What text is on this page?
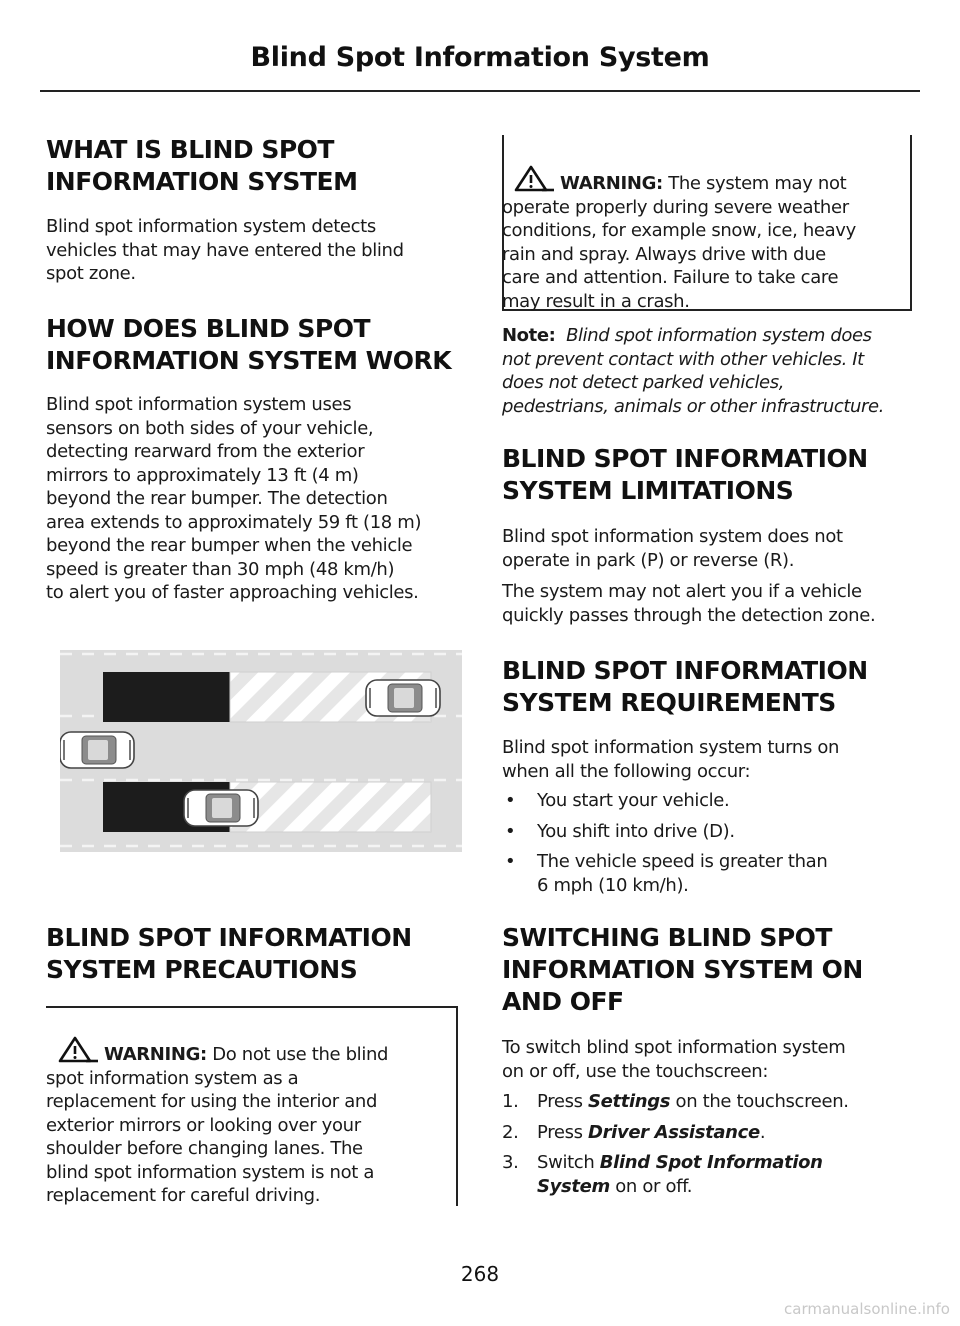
Blind Spot Information System
WHAT IS BLIND SPOT
INFORMATION SYSTEM

Blind spot information system detects
vehicles that may have entered the blind
spot zone.

HOW DOES BLIND SPOT
INFORMATION SYSTEM WORK

Blind spot information system uses
sensors on both sides of your vehicle,
detecting rearward from the exterior
mirrors to approximately 13 ft (4 m)
beyond the rear bumper. The detection
area extends to approximately 59 ft (18 m)
beyond the rear bumper when the vehicle
speed is greater than 30 mph (48 km/h)
to alert you of faster approaching vehicles.

BLIND SPOT INFORMATION
SYSTEM PRECAUTIONS

WARNING: Do not use the blind
spot information system as a
replacement for using the interior and
exterior mirrors or looking over your
shoulder before changing lanes. The
blind spot information system is not a
replacement for careful driving.

WARNING: The system may not
operate properly during severe weather
conditions, for example snow, ice, heavy
rain and spray. Always drive with due
care and attention. Failure to take care
may result in a crash.

Note: Blind spot information system does
not prevent contact with other vehicles. It
does not detect parked vehicles,
pedestrians, animals or other infrastructure.

BLIND SPOT INFORMATION
SYSTEM LIMITATIONS

Blind spot information system does not
operate in park (P) or reverse (R).

The system may not alert you if a vehicle
quickly passes through the detection zone.

BLIND SPOT INFORMATION
SYSTEM REQUIREMENTS

Blind spot information system turns on
when all the following occur:

• You start your vehicle.
• You shift into drive (D).
• The vehicle speed is greater than
6 mph (10 km/h).
SWITCHING BLIND SPOT
INFORMATION SYSTEM ON
AND OFF

To switch blind spot information system
on or off, use the touchscreen:

1. Press Settings on the touchscreen.
2. Press Driver Assistance.
3. Switch Blind Spot Information
System on or off.
268
carmanualsonline.info
